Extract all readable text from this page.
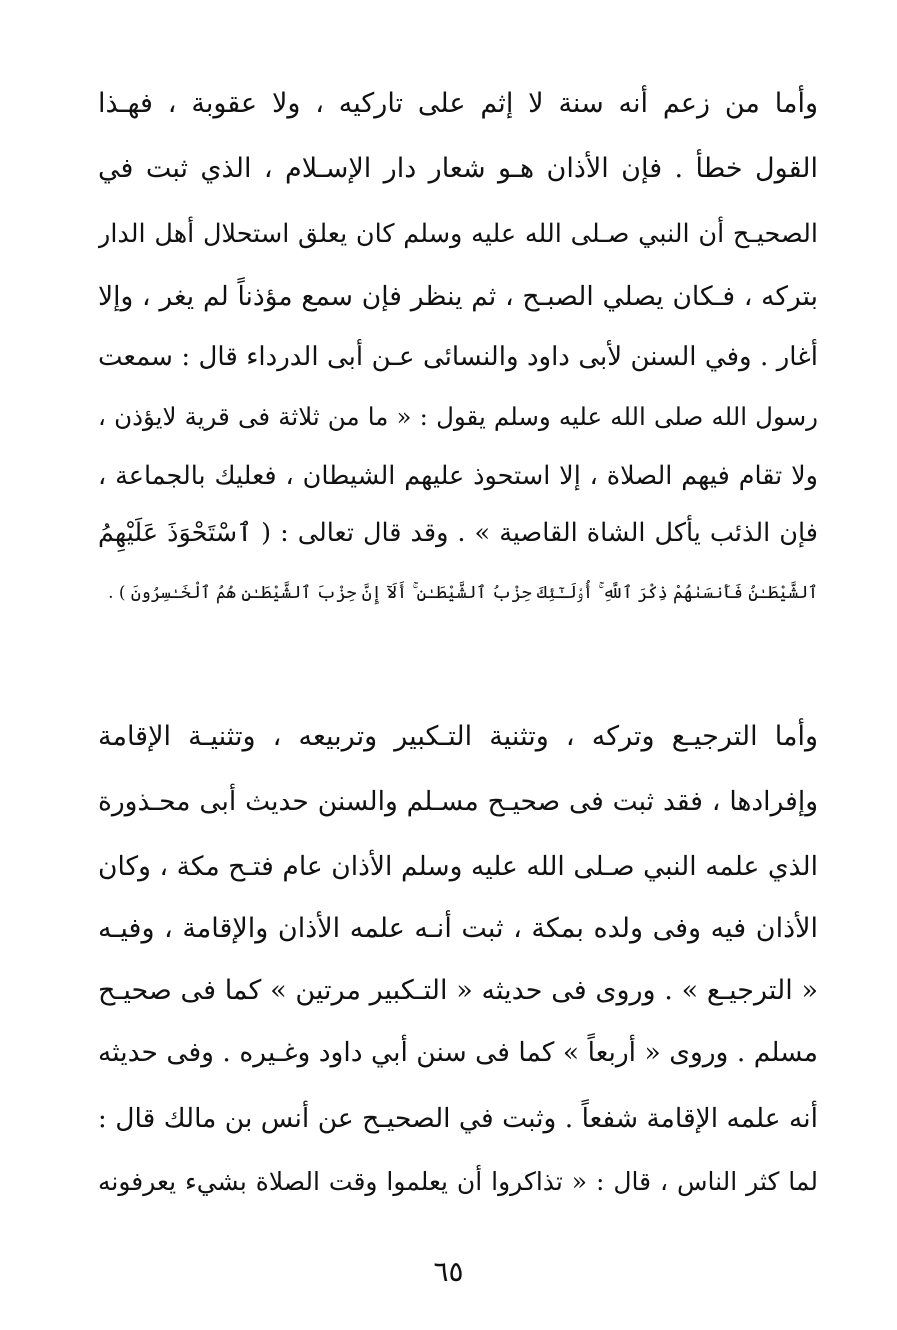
وأما من زعم أنه سنة لا إثم على تاركيه ، ولا عقوبة ، فهـذا
القول خطأ . فإن الأذان هـو شعار دار الإسـلام ، الذي ثبت في
الصحيـح أن النبي صـلى الله عليه وسلم كان يعلق استحلال أهل الدار
بتركه ، فـكان يصلي الصبـح ، ثم ينظر فإن سمع مؤذناً لم يغر ، وإلا
أغار . وفي السنن لأبى داود والنسائى عـن أبى الدرداء قال : سمعت
رسول الله صلى الله عليه وسلم يقول : « ما من ثلاثة فى قرية لايؤذن ،
ولا تقام فيهم الصلاة ، إلا استحوذ عليهم الشيطان ، فعليك بالجماعة ،
فإن الذئب يأكل الشاة القاصية » . وقد قال تعالى : ( ٱسْتَحْوَذَ عَلَيْهِمُ
ٱلشَّيْطَـٰنُ فَأَنسَىٰهُمْ ذِكْرَ ٱللَّهِ ۚ أُو۟لَـٰٓئِكَ حِزْبُ ٱلشَّيْطَـٰنِ ۚ أَلَآ إِنَّ حِزْبَ ٱلشَّيْطَـٰنِ هُمُ ٱلْخَـٰسِرُونَ ) .
وأما الترجيـع وتركه ، وتثنية التـكبير وتربيعه ، وتثنيـة الإقامة
وإفرادها ، فقد ثبت فى صحيـح مسـلم والسنن حديث أبى محـذورة
الذي علمه النبي صـلى الله عليه وسلم الأذان عام فتـح مكة ، وكان
الأذان فيه وفى ولده بمكة ، ثبت أنـه علمه الأذان والإقامة ، وفيـه
« الترجيـع » . وروى فى حديثه « التـكبير مرتين » كما فى صحيـح
مسلم . وروى « أربعاً » كما فى سنن أبي داود وغـيره . وفى حديثه
أنه علمه الإقامة شفعاً . وثبت في الصحيـح عن أنس بن مالك قال :
لما كثر الناس ، قال : « تذاكروا أن يعلموا وقت الصلاة بشيء يعرفونه
٦٥
